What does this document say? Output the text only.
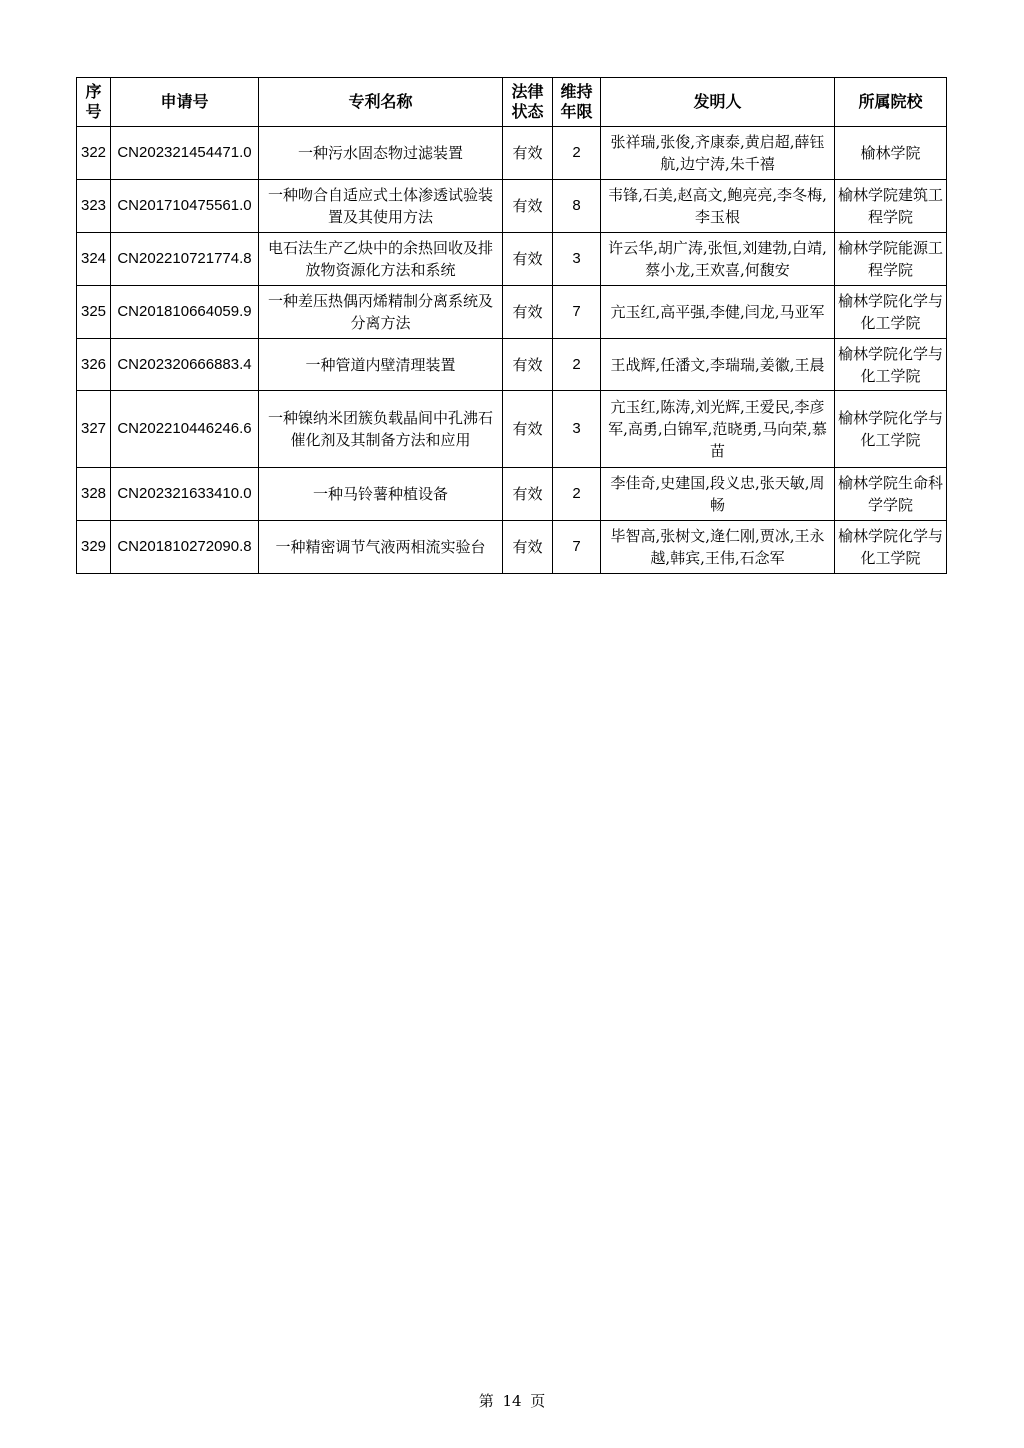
序号	申请号	专利名称	法律状态	维持年限	发明人	所属院校
322	CN202321454471.0	一种污水固态物过滤装置	有效	2	张祥瑞,张俊,齐康泰,黄启超,薛钰航,边宁涛,朱千禧	榆林学院
323	CN201710475561.0	一种吻合自适应式土体渗透试验装置及其使用方法	有效	8	韦锋,石美,赵高文,鲍亮亮,李冬梅,李玉根	榆林学院建筑工程学院
324	CN202210721774.8	电石法生产乙炔中的余热回收及排放物资源化方法和系统	有效	3	许云华,胡广涛,张恒,刘建勃,白靖,蔡小龙,王欢喜,何馥安	榆林学院能源工程学院
325	CN201810664059.9	一种差压热偶丙烯精制分离系统及分离方法	有效	7	亢玉红,高平强,李健,闫龙,马亚军	榆林学院化学与化工学院
326	CN202320666883.4	一种管道内壁清理装置	有效	2	王战辉,任潘文,李瑞瑞,姜徽,王晨	榆林学院化学与化工学院
327	CN202210446246.6	一种镍纳米团簇负载晶间中孔沸石催化剂及其制备方法和应用	有效	3	亢玉红,陈涛,刘光辉,王爱民,李彦军,高勇,白锦军,范晓勇,马向荣,慕苗	榆林学院化学与化工学院
328	CN202321633410.0	一种马铃薯种植设备	有效	2	李佳奇,史建国,段义忠,张天敏,周畅	榆林学院生命科学学院
329	CN201810272090.8	一种精密调节气液两相流实验台	有效	7	毕智高,张树文,逄仁刚,贾冰,王永越,韩宾,王伟,石念军	榆林学院化学与化工学院
第 14 页
